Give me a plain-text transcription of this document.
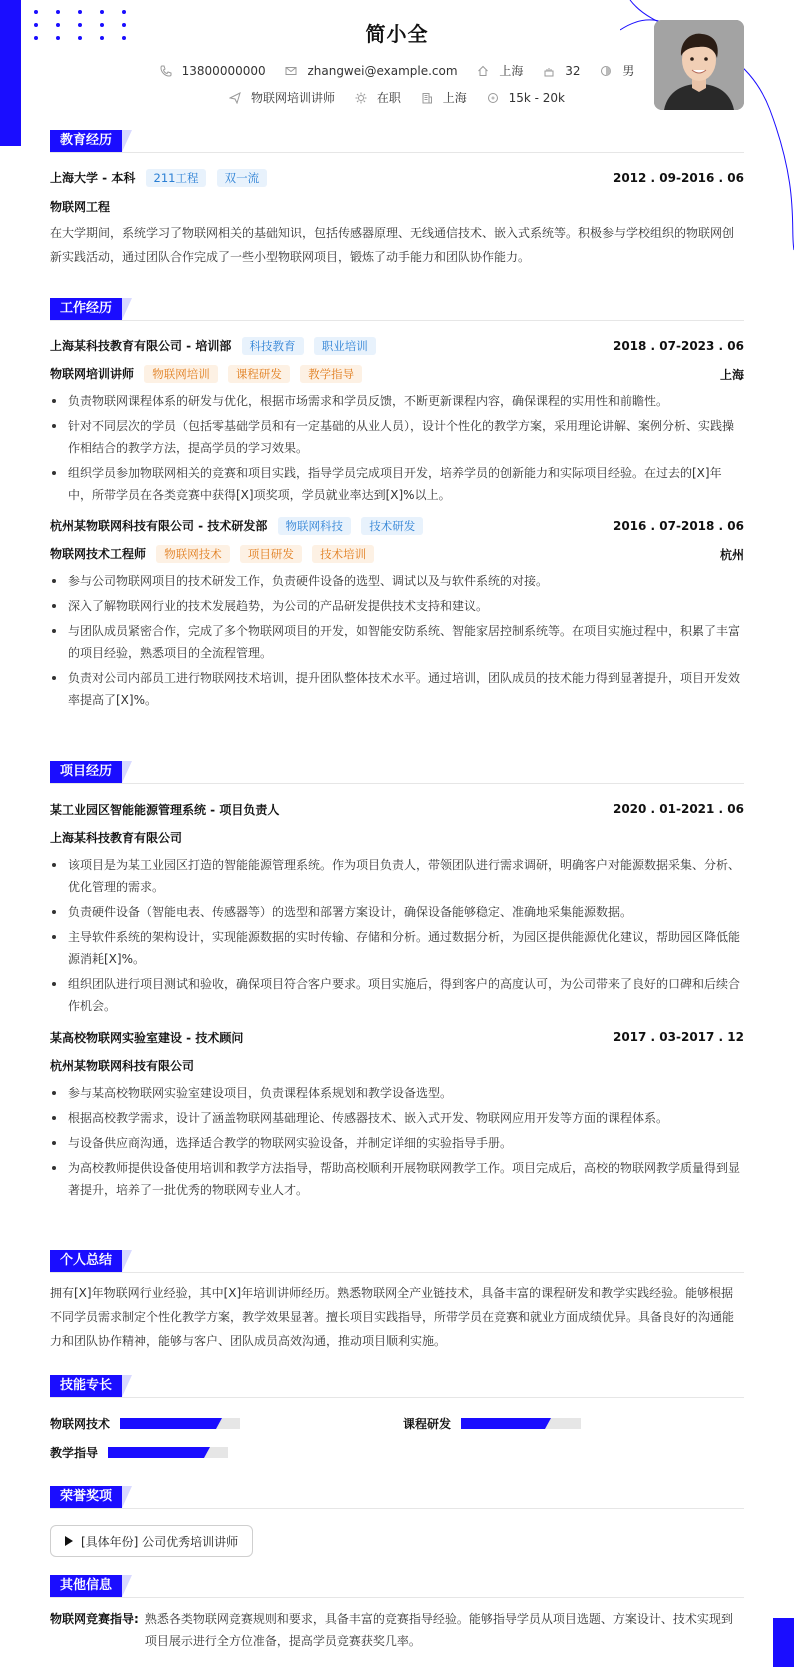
简小全
13800000000
	zhangwei@example.com
	上海
	32
	男
物联网培训讲师
	在职
	上海
	15k - 20k
教育经历
上海大学 - 本科 211工程 双一流	2012 . 09-2016 . 06
物联网工程
在大学期间，系统学习了物联网相关的基础知识，包括传感器原理、无线通信技术、嵌入式系统等。积极参与学校组织的物联网创新实践活动，通过团队合作完成了一些小型物联网项目，锻炼了动手能力和团队协作能力。
工作经历
上海某科技教育有限公司 - 培训部 科技教育 职业培训	2018 . 07-2023 . 06
物联网培训讲师 物联网培训 课程研发 教学指导	上海
负责物联网课程体系的研发与优化，根据市场需求和学员反馈，不断更新课程内容，确保课程的实用性和前瞻性。
针对不同层次的学员（包括零基础学员和有一定基础的从业人员），设计个性化的教学方案，采用理论讲解、案例分析、实践操作相结合的教学方法，提高学员的学习效果。
组织学员参加物联网相关的竞赛和项目实践，指导学员完成项目开发，培养学员的创新能力和实际项目经验。在过去的[X]年中，所带学员在各类竞赛中获得[X]项奖项，学员就业率达到[X]%以上。
杭州某物联网科技有限公司 - 技术研发部 物联网科技 技术研发	2016 . 07-2018 . 06
物联网技术工程师 物联网技术 项目研发 技术培训	杭州
参与公司物联网项目的技术研发工作，负责硬件设备的选型、调试以及与软件系统的对接。
深入了解物联网行业的技术发展趋势，为公司的产品研发提供技术支持和建议。
与团队成员紧密合作，完成了多个物联网项目的开发，如智能安防系统、智能家居控制系统等。在项目实施过程中，积累了丰富的项目经验，熟悉项目的全流程管理。
负责对公司内部员工进行物联网技术培训，提升团队整体技术水平。通过培训，团队成员的技术能力得到显著提升，项目开发效率提高了[X]%。
项目经历
某工业园区智能能源管理系统 - 项目负责人	2020 . 01-2021 . 06
上海某科技教育有限公司
该项目是为某工业园区打造的智能能源管理系统。作为项目负责人，带领团队进行需求调研，明确客户对能源数据采集、分析、优化管理的需求。
负责硬件设备（智能电表、传感器等）的选型和部署方案设计，确保设备能够稳定、准确地采集能源数据。
主导软件系统的架构设计，实现能源数据的实时传输、存储和分析。通过数据分析，为园区提供能源优化建议，帮助园区降低能源消耗[X]%。
组织团队进行项目测试和验收，确保项目符合客户要求。项目实施后，得到客户的高度认可，为公司带来了良好的口碑和后续合作机会。
某高校物联网实验室建设 - 技术顾问	2017 . 03-2017 . 12
杭州某物联网科技有限公司
参与某高校物联网实验室建设项目，负责课程体系规划和教学设备选型。
根据高校教学需求，设计了涵盖物联网基础理论、传感器技术、嵌入式开发、物联网应用开发等方面的课程体系。
与设备供应商沟通，选择适合教学的物联网实验设备，并制定详细的实验指导手册。
为高校教师提供设备使用培训和教学方法指导，帮助高校顺利开展物联网教学工作。项目完成后，高校的物联网教学质量得到显著提升，培养了一批优秀的物联网专业人才。
个人总结
拥有[X]年物联网行业经验，其中[X]年培训讲师经历。熟悉物联网全产业链技术，具备丰富的课程研发和教学实践经验。能够根据不同学员需求制定个性化教学方案，教学效果显著。擅长项目实践指导，所带学员在竞赛和就业方面成绩优异。具备良好的沟通能力和团队协作精神，能够与客户、团队成员高效沟通，推动项目顺利实施。
技能专长
物联网技术	课程研发
教学指导
荣誉奖项
[具体年份] 公司优秀培训讲师
其他信息
物联网竞赛指导: 熟悉各类物联网竞赛规则和要求，具备丰富的竞赛指导经验。能够指导学员从项目选题、方案设计、技术实现到项目展示进行全方位准备，提高学员竞赛获奖几率。
